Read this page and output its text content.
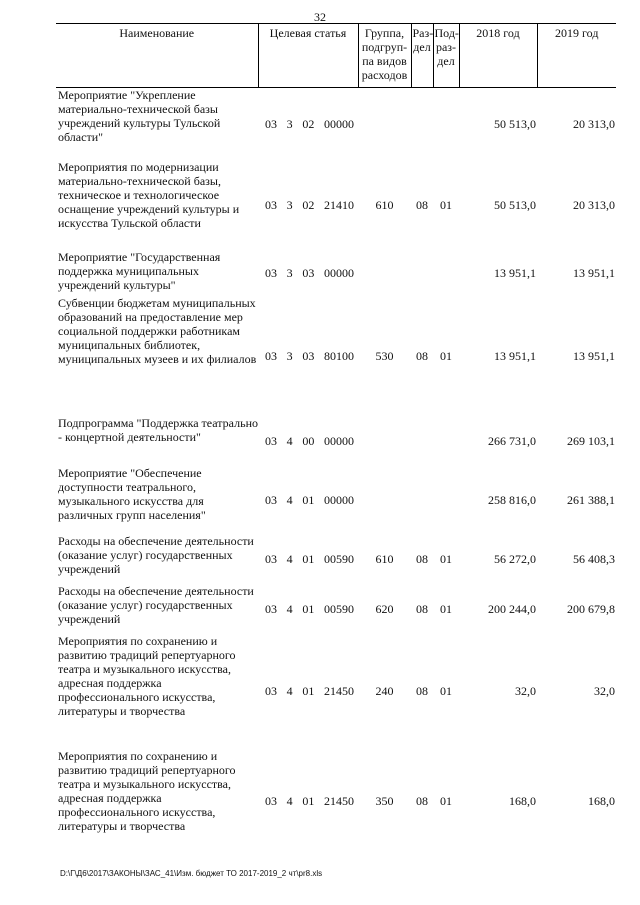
32
Наименование	Целевая статья	Группа, подгруп-па видов расходов	Раз-дел	Под-раз-дел	2018 год	2019 год
Мероприятие "Укрепление материально-технической базы учреждений культуры Тульской области"	03 3 02 00000				50 513,0	20 313,0
Мероприятия по модернизации материально-технической базы, техническое и технологическое оснащение учреждений культуры и искусства Тульской области	03 3 02 21410	610	08	01	50 513,0	20 313,0
Мероприятие "Государственная поддержка муниципальных учреждений культуры"	03 3 03 00000				13 951,1	13 951,1
Субвенции бюджетам муниципальных образований на предоставление мер социальной поддержки работникам муниципальных библиотек, муниципальных музеев и их филиалов	03 3 03 80100	530	08	01	13 951,1	13 951,1
Подпрограмма "Поддержка театрально - концертной деятельности"	03 4 00 00000				266 731,0	269 103,1
Мероприятие "Обеспечение доступности театрального, музыкального искусства для различных групп населения"	03 4 01 00000				258 816,0	261 388,1
Расходы на обеспечение деятельности (оказание услуг) государственных учреждений	03 4 01 00590	610	08	01	56 272,0	56 408,3
Расходы на обеспечение деятельности (оказание услуг) государственных учреждений	03 4 01 00590	620	08	01	200 244,0	200 679,8
Мероприятия по сохранению и развитию традиций репертуарного театра и музыкального искусства, адресная поддержка профессионального искусства, литературы и творчества	03 4 01 21450	240	08	01	32,0	32,0
Мероприятия по сохранению и развитию традиций репертуарного театра и музыкального искусства, адресная поддержка профессионального искусства, литературы и творчества	03 4 01 21450	350	08	01	168,0	168,0
D:\Г\Д6\2017\ЗАКОНЫ\ЗАС_41\Изм. бюджет ТО 2017-2019_2 чт\pr8.xls
